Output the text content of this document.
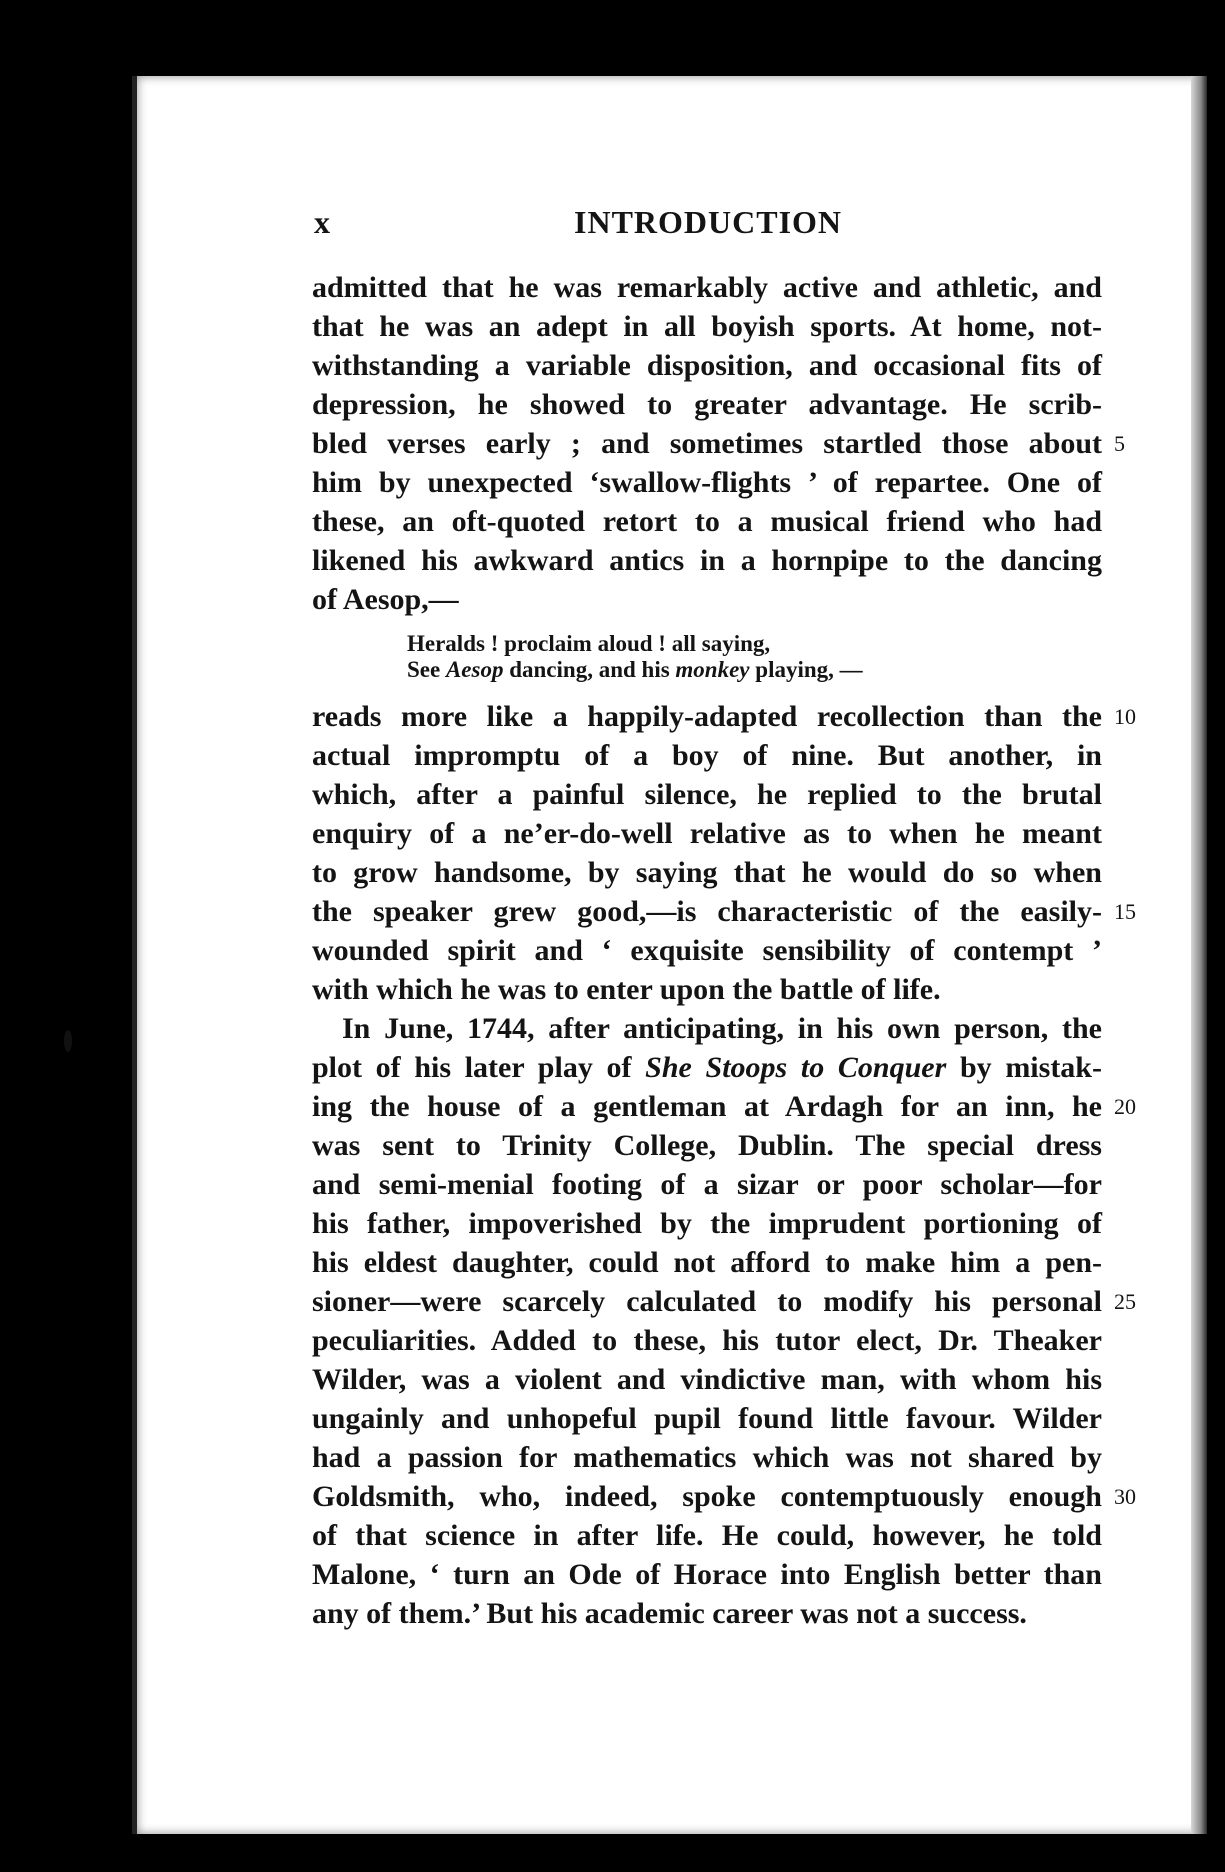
x	INTRODUCTION
admitted that he was remarkably active and athletic, and
that he was an adept in all boyish sports. At home, not-
withstanding a variable disposition, and occasional fits of
depression, he showed to greater advantage. He scrib-
bled verses early ; and sometimes startled those about 5
him by unexpected ‘swallow-flights ’ of repartee. One of
these, an oft-quoted retort to a musical friend who had
likened his awkward antics in a hornpipe to the dancing
of Aesop,—
Heralds ! proclaim aloud ! all saying,
See Aesop dancing, and his monkey playing, —
reads more like a happily-adapted recollection than the 10
actual impromptu of a boy of nine. But another, in
which, after a painful silence, he replied to the brutal
enquiry of a ne’er-do-well relative as to when he meant
to grow handsome, by saying that he would do so when
the speaker grew good,—is characteristic of the easily- 15
wounded spirit and ‘ exquisite sensibility of contempt ’
with which he was to enter upon the battle of life.
In June, 1744, after anticipating, in his own person, the
plot of his later play of She Stoops to Conquer by mistak-
ing the house of a gentleman at Ardagh for an inn, he 20
was sent to Trinity College, Dublin. The special dress
and semi-menial footing of a sizar or poor scholar—for
his father, impoverished by the imprudent portioning of
his eldest daughter, could not afford to make him a pen-
sioner—were scarcely calculated to modify his personal 25
peculiarities. Added to these, his tutor elect, Dr. Theaker
Wilder, was a violent and vindictive man, with whom his
ungainly and unhopeful pupil found little favour. Wilder
had a passion for mathematics which was not shared by
Goldsmith, who, indeed, spoke contemptuously enough 30
of that science in after life. He could, however, he told
Malone, ‘ turn an Ode of Horace into English better than
any of them.’ But his academic career was not a success.
